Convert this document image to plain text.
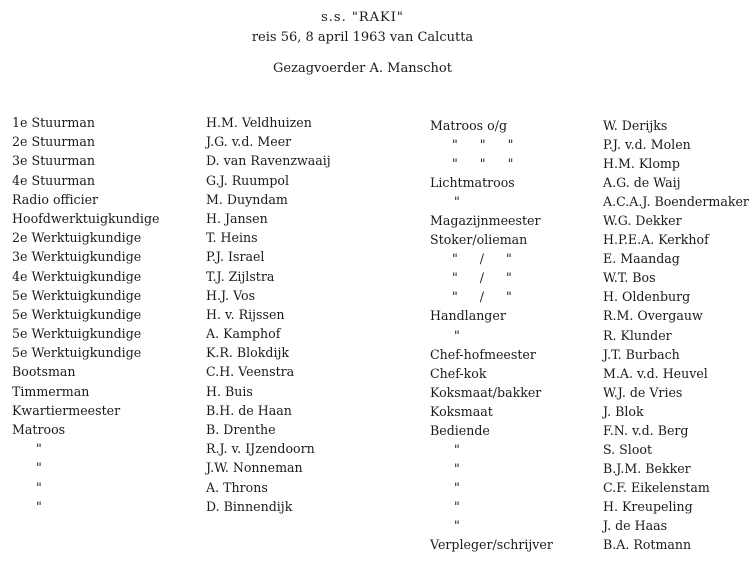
s.s. "RAKI"
reis 56, 8 april 1963 van Calcutta
Gezagvoerder A. Manschot
1e Stuurman
2e Stuurman
3e Stuurman
4e Stuurman
Radio officier
Hoofdwerktuigkundige
2e Werktuigkundige
3e Werktuigkundige
4e Werktuigkundige
5e Werktuigkundige
5e Werktuigkundige
5e Werktuigkundige
5e Werktuigkundige
Bootsman
Timmerman
Kwartiermeester
Matroos
"
"
"
"
H.M. Veldhuizen
J.G. v.d. Meer
D. van Ravenzwaaij
G.J. Ruumpol
M. Duyndam
H. Jansen
T. Heins
P.J. Israel
T.J. Zijlstra
H.J. Vos
H. v. Rijssen
A. Kamphof
K.R. Blokdijk
C.H. Veenstra
H. Buis
B.H. de Haan
B. Drenthe
R.J. v. IJzendoorn
J.W. Nonneman
A. Throns
D. Binnendijk
Matroos o/g
" " "
" " "
Lichtmatroos
"
Magazijnmeester
Stoker/olieman
" / "
" / "
" / "
Handlanger
"
Chef-hofmeester
Chef-kok
Koksmaat/bakker
Koksmaat
Bediende
"
"
"
"
"
Verpleger/schrijver
W. Derijks
P.J. v.d. Molen
H.M. Klomp
A.G. de Waij
A.C.A.J. Boendermaker
W.G. Dekker
H.P.E.A. Kerkhof
E. Maandag
W.T. Bos
H. Oldenburg
R.M. Overgauw
R. Klunder
J.T. Burbach
M.A. v.d. Heuvel
W.J. de Vries
J. Blok
F.N. v.d. Berg
S. Sloot
B.J.M. Bekker
C.F. Eikelenstam
H. Kreupeling
J. de Haas
B.A. Rotmann
